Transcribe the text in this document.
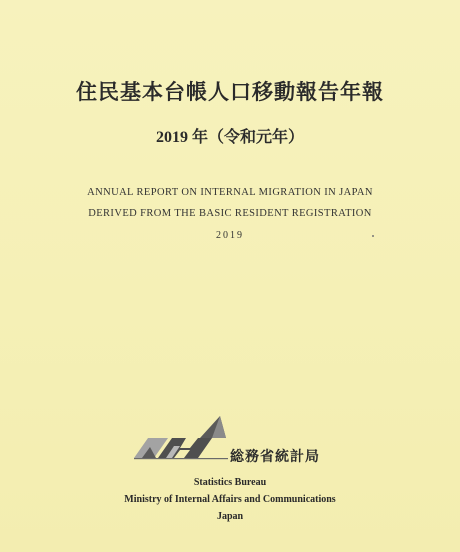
住民基本台帳人口移動報告年報
2019 年（令和元年）
ANNUAL REPORT ON INTERNAL MIGRATION IN JAPAN
DERIVED FROM THE BASIC RESIDENT REGISTRATION
2019
総務省統計局
Statistics Bureau
Ministry of Internal Affairs and Communications
Japan
